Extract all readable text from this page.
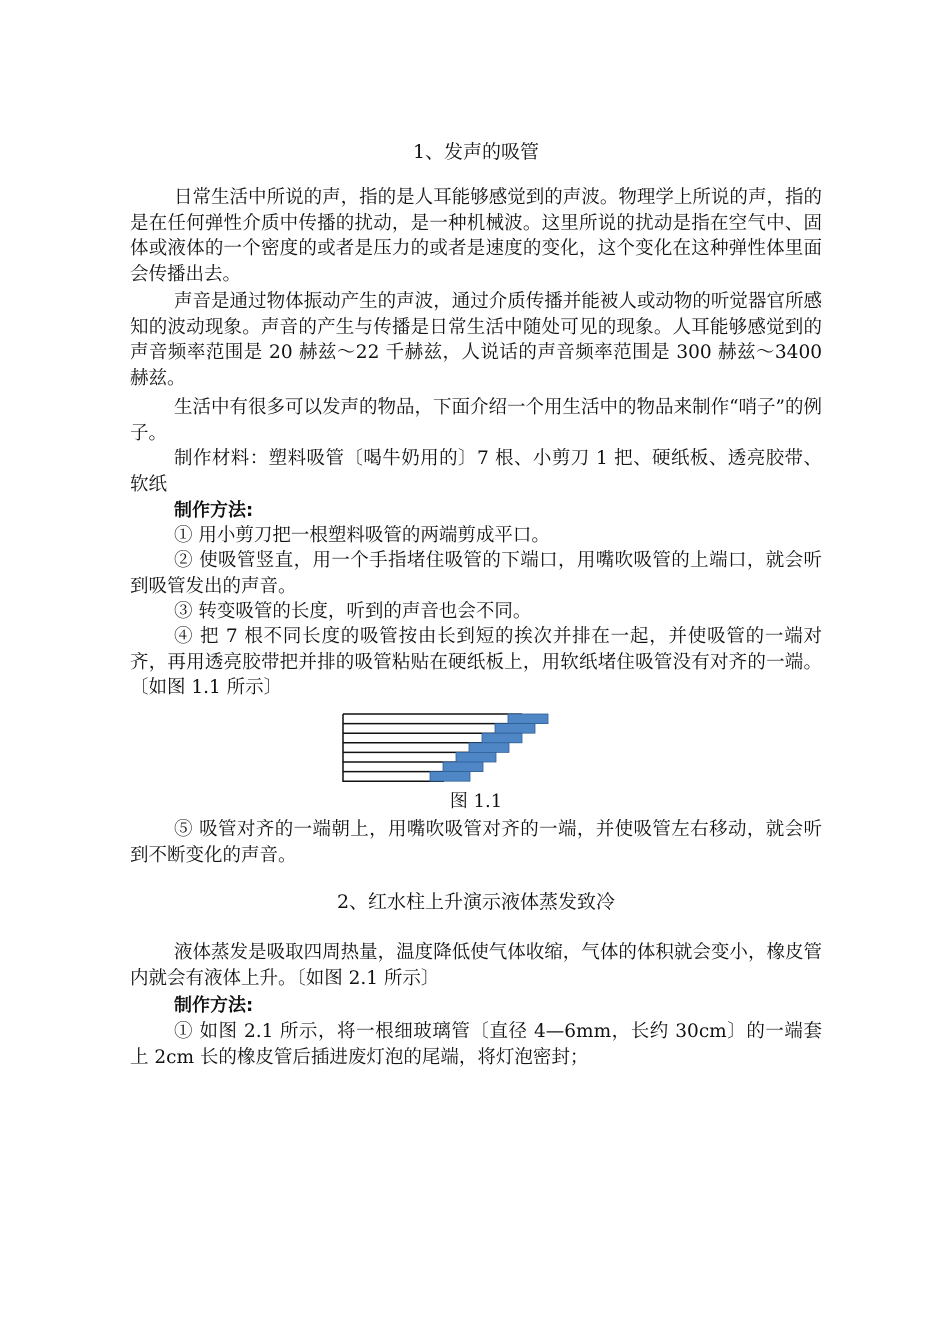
1、发声的吸管

日常生活中所说的声，指的是人耳能够感觉到的声波。物理学上所说的声，指的是在任何弹性介质中传播的扰动，是一种机械波。这里所说的扰动是指在空气中、固体或液体的一个密度的或者是压力的或者是速度的变化，这个变化在这种弹性体里面会传播出去。

声音是通过物体振动产生的声波，通过介质传播并能被人或动物的听觉器官所感知的波动现象。声音的产生与传播是日常生活中随处可见的现象。人耳能够感觉到的声音频率范围是 20 赫兹～22 千赫兹，人说话的声音频率范围是 300 赫兹～3400 赫兹。

生活中有很多可以发声的物品，下面介绍一个用生活中的物品来制作“哨子”的例子。

制作材料：塑料吸管〔喝牛奶用的〕7 根、小剪刀 1 把、硬纸板、透亮胶带、软纸

制作方法:

① 用小剪刀把一根塑料吸管的两端剪成平口。

② 使吸管竖直，用一个手指堵住吸管的下端口，用嘴吹吸管的上端口，就会听到吸管发出的声音。

③ 转变吸管的长度，听到的声音也会不同。

④ 把 7 根不同长度的吸管按由长到短的挨次并排在一起，并使吸管的一端对齐，再用透亮胶带把并排的吸管粘贴在硬纸板上，用软纸堵住吸管没有对齐的一端。〔如图 1.1 所示〕

图 1.1

⑤ 吸管对齐的一端朝上，用嘴吹吸管对齐的一端，并使吸管左右移动，就会听到不断变化的声音。

2、红水柱上升演示液体蒸发致冷

液体蒸发是吸取四周热量，温度降低使气体收缩，气体的体积就会变小，橡皮管内就会有液体上升。〔如图 2.1 所示〕

制作方法:

① 如图 2.1 所示，将一根细玻璃管〔直径 4—6mm，长约 30cm〕的一端套上 2cm 长的橡皮管后插进废灯泡的尾端，将灯泡密封；
